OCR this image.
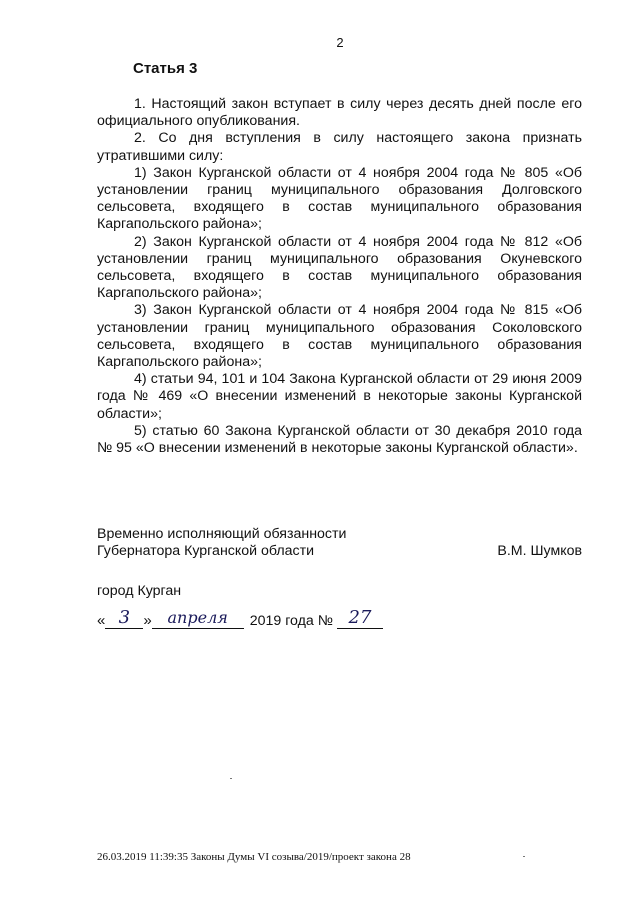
2
Статья 3

1. Настоящий закон вступает в силу через десять дней после его официального опубликования.

2. Со дня вступления в силу настоящего закона признать утратившими силу:

1) Закон Курганской области от 4 ноября 2004 года № 805 «Об установлении границ муниципального образования Долговского сельсовета, входящего в состав муниципального образования Каргапольского района»;

2) Закон Курганской области от 4 ноября 2004 года № 812 «Об установлении границ муниципального образования Окуневского сельсовета, входящего в состав муниципального образования Каргапольского района»;

3) Закон Курганской области от 4 ноября 2004 года № 815 «Об установлении границ муниципального образования Соколовского сельсовета, входящего в состав муниципального образования Каргапольского района»;

4) статьи 94, 101 и 104 Закона Курганской области от 29 июня 2009 года № 469 «О внесении изменений в некоторые законы Курганской области»;

5) статью 60 Закона Курганской области от 30 декабря 2010 года № 95 «О внесении изменений в некоторые законы Курганской области».

Временно исполняющий обязанности
Губернатора Курганской области	В.М. Шумков
город Курган
« 3 » апреля	2019 года № 27
26.03.2019 11:39:35 Законы Думы VI созыва/2019/проект закона 28
